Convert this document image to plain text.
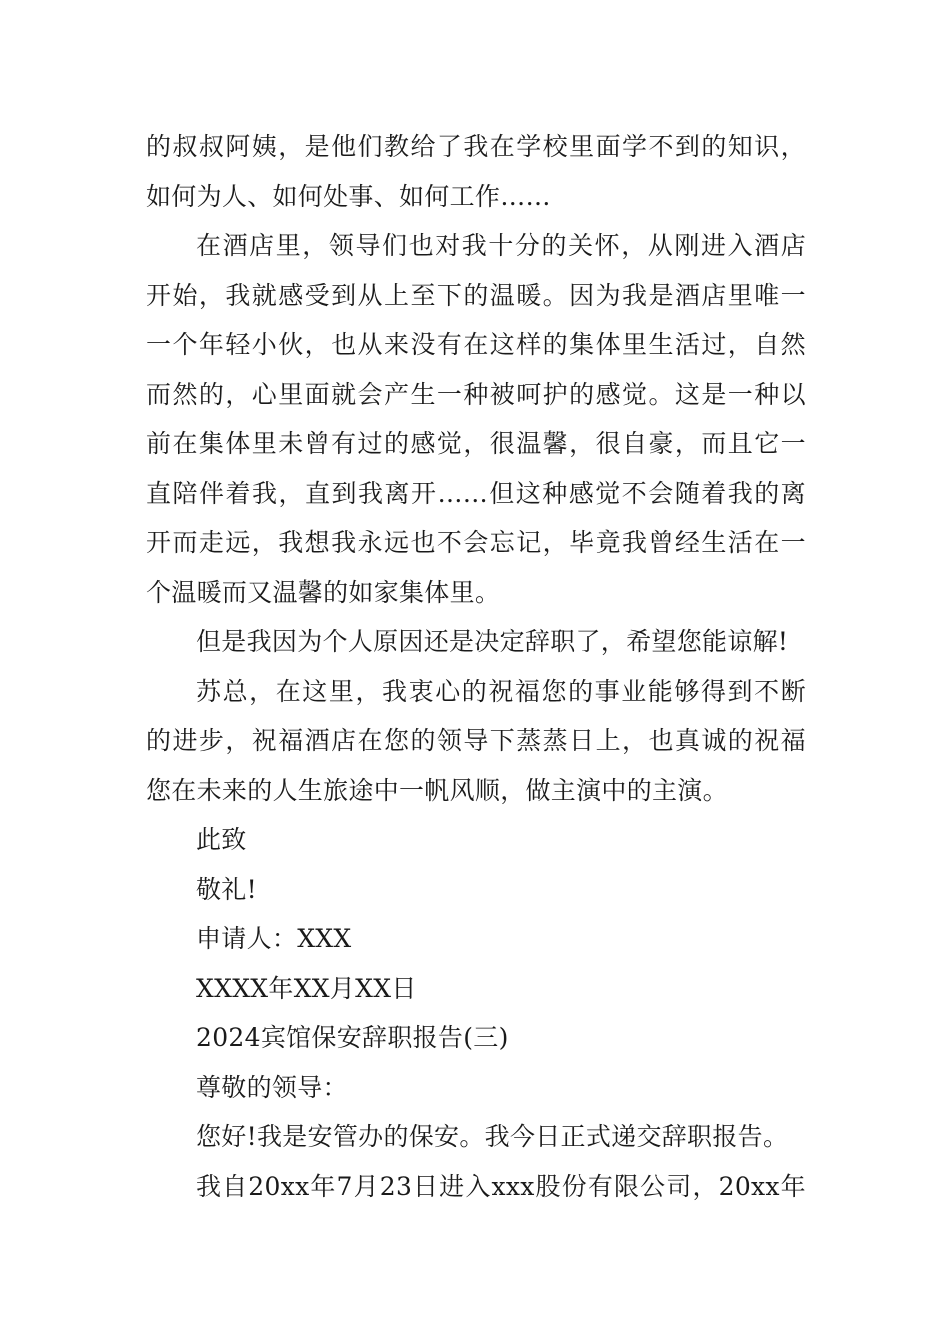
的叔叔阿姨，是他们教给了我在学校里面学不到的知识，
如何为人、如何处事、如何工作……
在酒店里，领导们也对我十分的关怀，从刚进入酒店
开始，我就感受到从上至下的温暖。因为我是酒店里唯一
一个年轻小伙，也从来没有在这样的集体里生活过，自然
而然的，心里面就会产生一种被呵护的感觉。这是一种以
前在集体里未曾有过的感觉，很温馨，很自豪，而且它一
直陪伴着我，直到我离开……但这种感觉不会随着我的离
开而走远，我想我永远也不会忘记，毕竟我曾经生活在一
个温暖而又温馨的如家集体里。
但是我因为个人原因还是决定辞职了，希望您能谅解!
苏总，在这里，我衷心的祝福您的事业能够得到不断
的进步，祝福酒店在您的领导下蒸蒸日上，也真诚的祝福
您在未来的人生旅途中一帆风顺，做主演中的主演。
此致
敬礼!
申请人：XXX
XXXX年XX月XX日
2024宾馆保安辞职报告(三)
尊敬的领导：
您好!我是安管办的保安。我今日正式递交辞职报告。
我自20xx年7月23日进入xxx股份有限公司，20xx年
